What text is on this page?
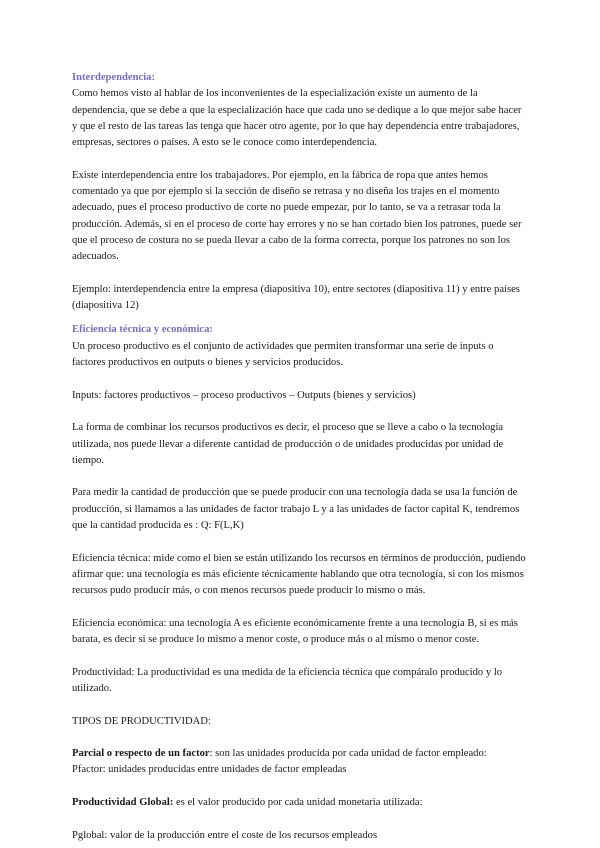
Interdependencia:

Como hemos visto al hablar de los inconvenientes de la especialización existe un aumento de la dependencia, que se debe a que la especialización hace que cada uno se dedique a lo que mejor sabe hacer y que el resto de las tareas las tenga que hacer otro agente, por lo que hay dependencia entre trabajadores, empresas, sectores o países. A esto se le conoce como interdependencia.

Existe interdependencia entre los trabajadores. Por ejemplo, en la fábrica de ropa que antes hemos comentado ya que por ejemplo si la sección de diseño se retrasa y no diseña los trajes en el momento adecuado, pues el proceso productivo de corte no puede empezar, por lo tanto, se va a retrasar toda la producción. Además, si en el proceso de corte hay errores y no se han cortado bien los patrones, puede ser que el proceso de costura no se pueda llevar a cabo de la forma correcta, porque los patrones no son los adecuados.

Ejemplo: interdependencia entre la empresa (diapositiva 10), entre sectores (diapositiva 11) y entre países (diapositiva 12)

Eficiencia técnica y económica:

Un proceso productivo es el conjunto de actividades que permiten transformar una serie de inputs o factores productivos en outputs o bienes y servicios producidos.

Inputs: factores productivos – proceso productivos – Outputs (bienes y servicios)

La forma de combinar los recursos productivos es decir, el proceso que se lleve a cabo o la tecnología utilizada, nos puede llevar a diferente cantidad de producción o de unidades producidas por unidad de tiempo.

Para medir la cantidad de producción que se puede producir con una tecnología dada se usa la función de producción, si llamamos a las unidades de factor trabajo L y a las unidades de factor capital K, tendremos que la cantidad producida es : Q: F(L,K)

Eficiencia técnica: mide como el bien se están utilizando los recursos en términos de producción, pudiendo afirmar que: una tecnología es más eficiente técnicamente hablando que otra tecnología, si con los mismos recursos pudo producir más, o con menos recursos puede producir lo mismo o más.

Eficiencia económica: una tecnología A es eficiente económicamente frente a una tecnología B, si es más barata, es decir si se produce lo mismo a menor coste, o produce más o al mismo o menor coste.

Productividad: La productividad es una medida de la eficiencia técnica que compáralo producido y lo utilizado.

TIPOS DE PRODUCTIVIDAD:

Parcial o respecto de un factor: son las unidades producida por cada unidad de factor empleado:

Pfactor: unidades producidas entre unidades de factor empleadas

Productividad Global: es el valor producido por cada unidad monetaria utilizada:

Pglobal: valor de la producción entre el coste de los recursos empleados
